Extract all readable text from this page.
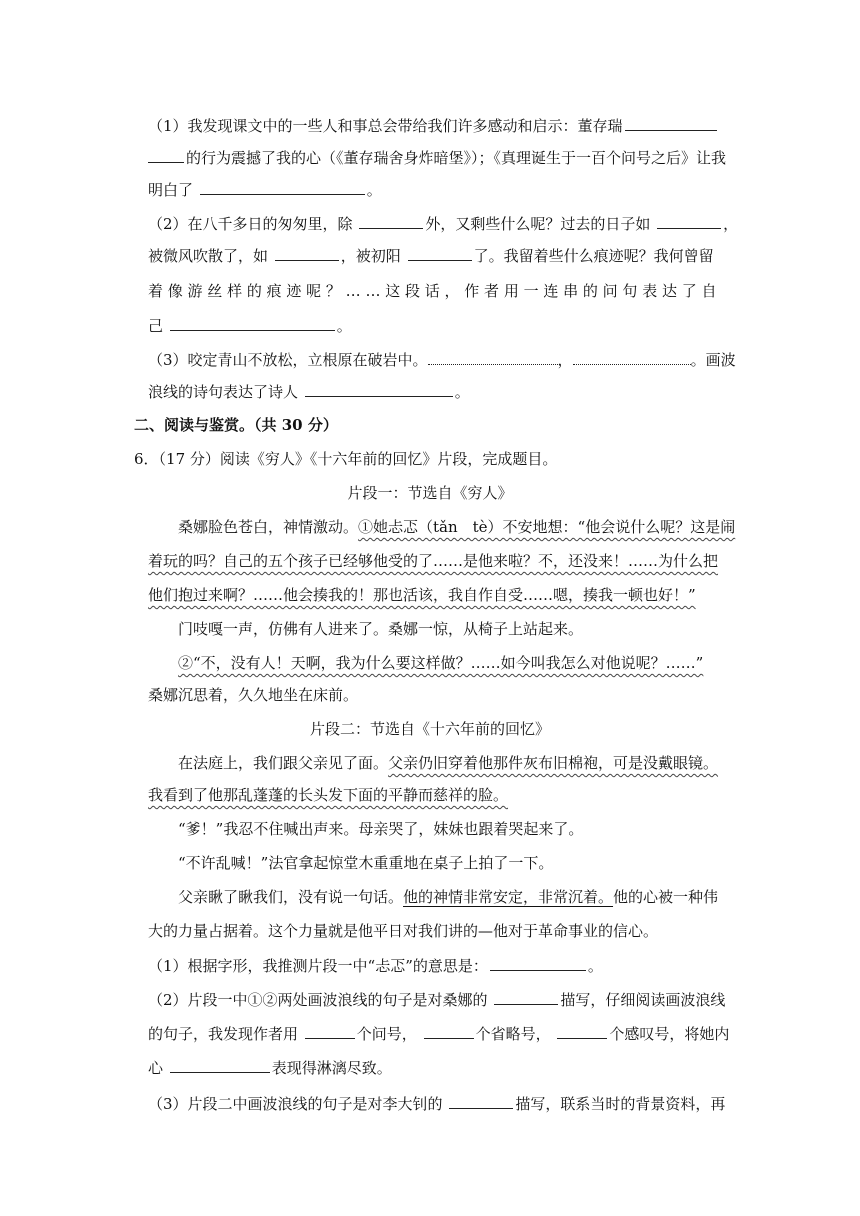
（1）我发现课文中的一些人和事总会带给我们许多感动和启示：董存瑞
的行为震撼了我的心（《董存瑞舍身炸暗堡》）；《真理诞生于一百个问号之后》让我
明白了	。
（2）在八千多日的匆匆里，除	外，又剩些什么呢？过去的日子如	，
被微风吹散了，如	，被初阳	了。我留着些什么痕迹呢？我何曾留
着 像 游 丝 样 的 痕 迹 呢 ？ … … 这 段 话 ， 作 者 用 一 连 串 的 问 句 表 达 了 自
己	。
（3）咬定青山不放松，立根原在破岩中。	，	。画波
浪线的诗句表达了诗人	。
二、阅读与鉴赏。（共 30 分）
6．（17 分）阅读《穷人》《十六年前的回忆》片段，完成题目。
片段一：节选自《穷人》
桑娜脸色苍白，神情激动。①她忐忑（tǎn　tè）不安地想：“他会说什么呢？这是闹
着玩的吗？自己的五个孩子已经够他受的了……是他来啦？不，还没来！……为什么把
他们抱过来啊？……他会揍我的！那也活该，我自作自受……嗯，揍我一顿也好！”
门吱嘎一声，仿佛有人进来了。桑娜一惊，从椅子上站起来。
②“不，没有人！天啊，我为什么要这样做？……如今叫我怎么对他说呢？……”
桑娜沉思着，久久地坐在床前。
片段二：节选自《十六年前的回忆》
在法庭上，我们跟父亲见了面。父亲仍旧穿着他那件灰布旧棉袍，可是没戴眼镜。
我看到了他那乱蓬蓬的长头发下面的平静而慈祥的脸。
“爹！”我忍不住喊出声来。母亲哭了，妹妹也跟着哭起来了。
“不许乱喊！”法官拿起惊堂木重重地在桌子上拍了一下。
父亲瞅了瞅我们，没有说一句话。他的神情非常安定，非常沉着。他的心被一种伟
大的力量占据着。这个力量就是他平日对我们讲的—他对于革命事业的信心。
（1）根据字形，我推测片段一中“忐忑”的意思是：	。
（2）片段一中①②两处画波浪线的句子是对桑娜的	描写，仔细阅读画波浪线
的句子，我发现作者用	个问号，	个省略号，	个感叹号，将她内
心	表现得淋漓尽致。
（3）片段二中画波浪线的句子是对李大钊的	描写，联系当时的背景资料，再
